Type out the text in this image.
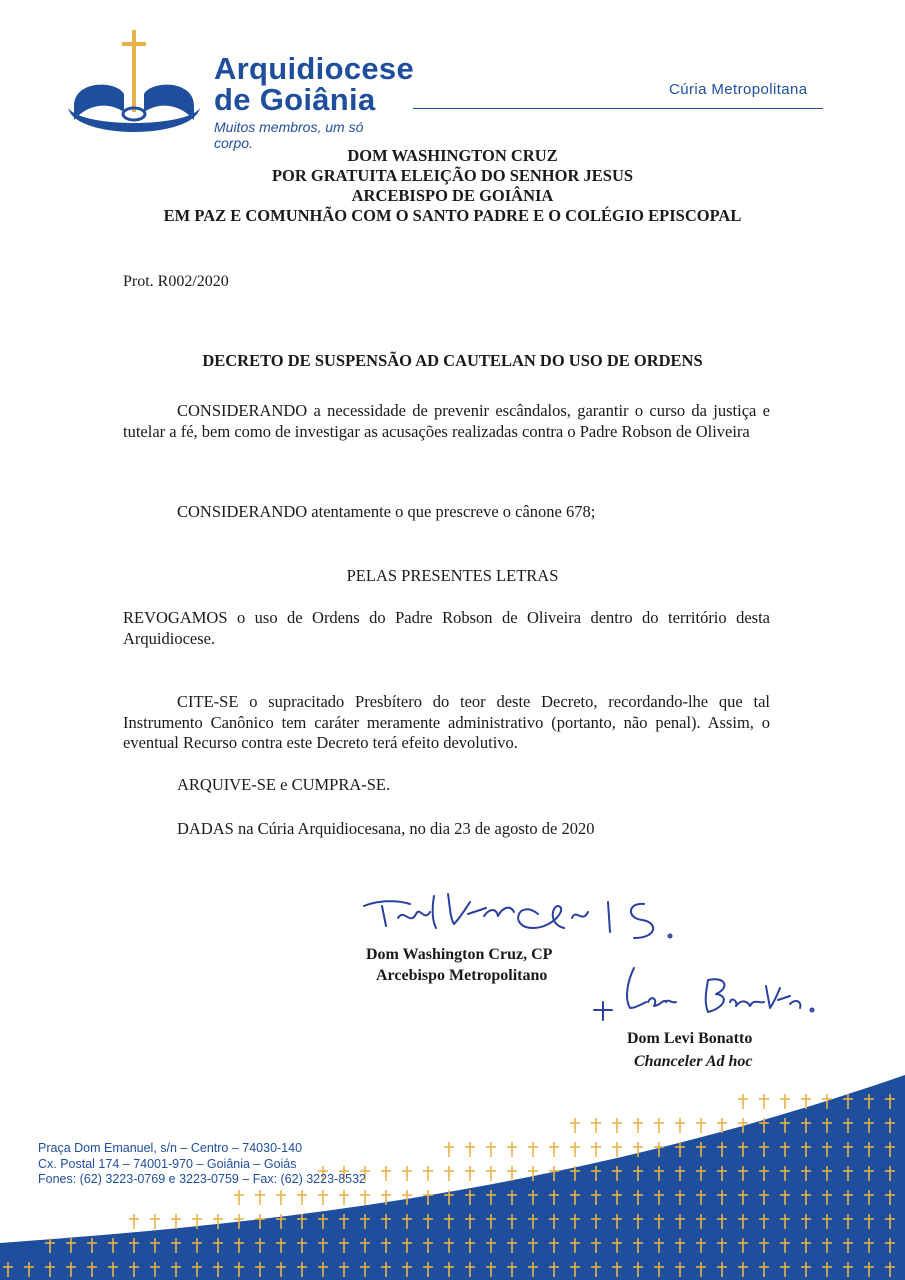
Arquidiocese
de Goiânia
Muitos membros, um só corpo.
Cúria Metropolitana
DOM WASHINGTON CRUZ
POR GRATUITA ELEIÇÃO DO SENHOR JESUS
ARCEBISPO DE GOIÂNIA
EM PAZ E COMUNHÃO COM O SANTO PADRE E O COLÉGIO EPISCOPAL
Prot. R002/2020
DECRETO DE SUSPENSÃO AD CAUTELAN DO USO DE ORDENS
CONSIDERANDO a necessidade de prevenir escândalos, garantir o curso da justiça e tutelar a fé, bem como de investigar as acusações realizadas contra o Padre Robson de Oliveira
CONSIDERANDO atentamente o que prescreve o cânone 678;
PELAS PRESENTES LETRAS
REVOGAMOS o uso de Ordens do Padre Robson de Oliveira dentro do território desta Arquidiocese.
CITE-SE o supracitado Presbítero do teor deste Decreto, recordando-lhe que tal Instrumento Canônico tem caráter meramente administrativo (portanto, não penal). Assim, o eventual Recurso contra este Decreto terá efeito devolutivo.
ARQUIVE-SE e CUMPRA-SE.
DADAS na Cúria Arquidiocesana, no dia 23 de agosto de 2020
Dom Washington Cruz, CP
Arcebispo Metropolitano
Dom Levi Bonatto
Chanceler Ad hoc
Praça Dom Emanuel, s/n – Centro – 74030-140
Cx. Postal 174 – 74001-970 – Goiânia – Goiás
Fones: (62) 3223-0769 e 3223-0759 – Fax: (62) 3223-8532
